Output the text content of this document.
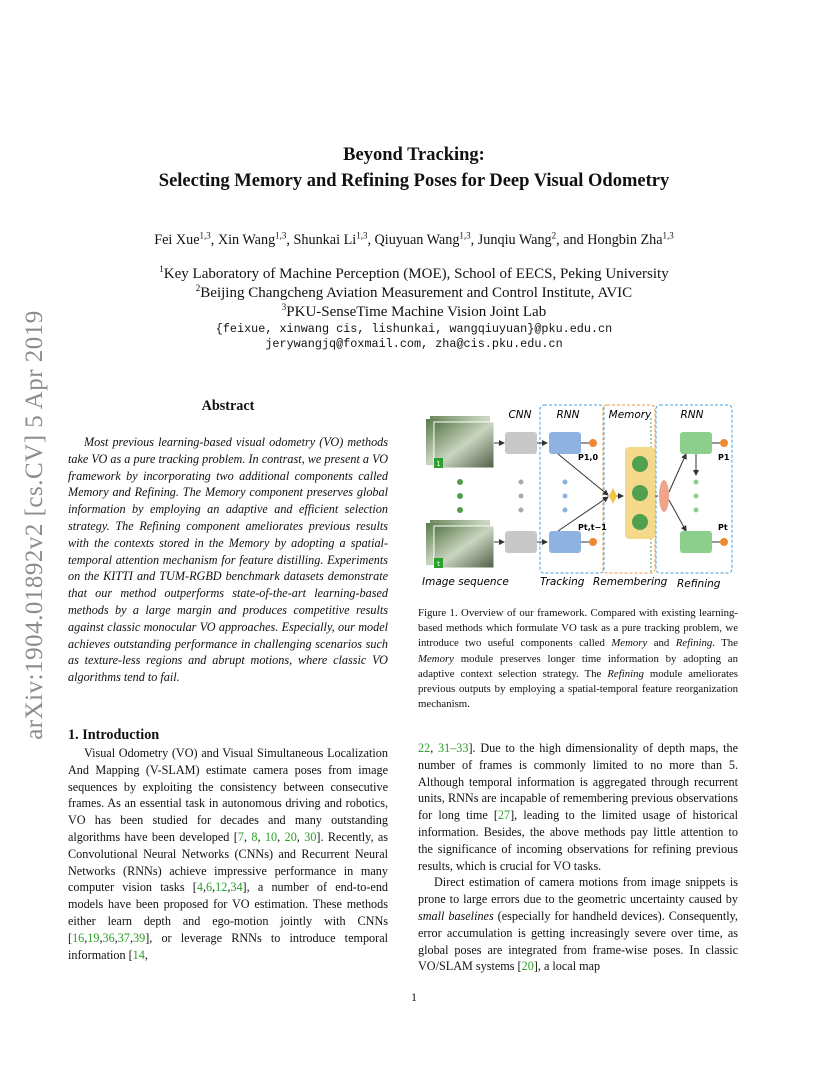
arXiv:1904.01892v2 [cs.CV] 5 Apr 2019
Beyond Tracking:
Selecting Memory and Refining Poses for Deep Visual Odometry
Fei Xue$^{1,3}$, Xin Wang$^{1,3}$, Shunkai Li$^{1,3}$, Qiuyuan Wang$^{1,3}$, Junqiu Wang$^2$, and Hongbin Zha$^{1,3}$
$^1$Key Laboratory of Machine Perception (MOE), School of EECS, Peking University
$^2$Beijing Changcheng Aviation Measurement and Control Institute, AVIC
$^3$PKU-SenseTime Machine Vision Joint Lab
{feixue, xinwang cis, lishunkai, wangqiuyuan}@pku.edu.cn
jerywangjq@foxmail.com, zha@cis.pku.edu.cn
Abstract

Most previous learning-based visual odometry (VO) methods take VO as a pure tracking problem. In contrast, we present a VO framework by incorporating two additional components called Memory and Refining. The Memory component preserves global information by employing an adaptive and efficient selection strategy. The Refining component ameliorates previous results with the contexts stored in the Memory by adopting a spatial-temporal attention mechanism for feature distilling. Experiments on the KITTI and TUM-RGBD benchmark datasets demonstrate that our method outperforms state-of-the-art learning-based methods by a large margin and produces competitive results against classic monocular VO approaches. Especially, our model achieves outstanding performance in challenging scenarios such as texture-less regions and abrupt motions, where classic VO algorithms tend to fail.

1. Introduction

Visual Odometry (VO) and Visual Simultaneous Localization And Mapping (V-SLAM) estimate camera poses from image sequences by exploiting the consistency between consecutive frames. As an essential task in autonomous driving and robotics, VO has been studied for decades and many outstanding algorithms have been developed [7, 8, 10, 20, 30]. Recently, as Convolutional Neural Networks (CNNs) and Recurrent Neural Networks (RNNs) achieve impressive performance in many computer vision tasks [4,6,12,34], a number of end-to-end models have been proposed for VO estimation. These methods either learn depth and ego-motion jointly with CNNs [16,19,36,37,39], or leverage RNNs to introduce temporal information [14,

22, 31–33]. Due to the high dimensionality of depth maps, the number of frames is commonly limited to no more than 5. Although temporal information is aggregated through recurrent units, RNNs are incapable of remembering previous observations for long time [27], leading to the limited usage of historical information. Besides, the above methods pay little attention to the significance of incoming observations for refining previous results, which is crucial for VO tasks.

Direct estimation of camera motions from image snippets is prone to large errors due to the geometric uncertainty caused by small baselines (especially for handheld devices). Consequently, error accumulation is getting increasingly severe over time, as global poses are integrated from frame-wise poses. In classic VO/SLAM systems [20], a local map

CNN RNN	Memory	RNN
1
t
P1,0
Pt,t−1
P1
Pt
Image sequence	Tracking Remembering Refining
Figure 1. Overview of our framework. Compared with existing learning-based methods which formulate VO task as a pure tracking problem, we introduce two useful components called Memory and Refining. The Memory module preserves longer time information by adopting an adaptive context selection strategy. The Refining module ameliorates previous outputs by employing a spatial-temporal feature reorganization mechanism.
1
